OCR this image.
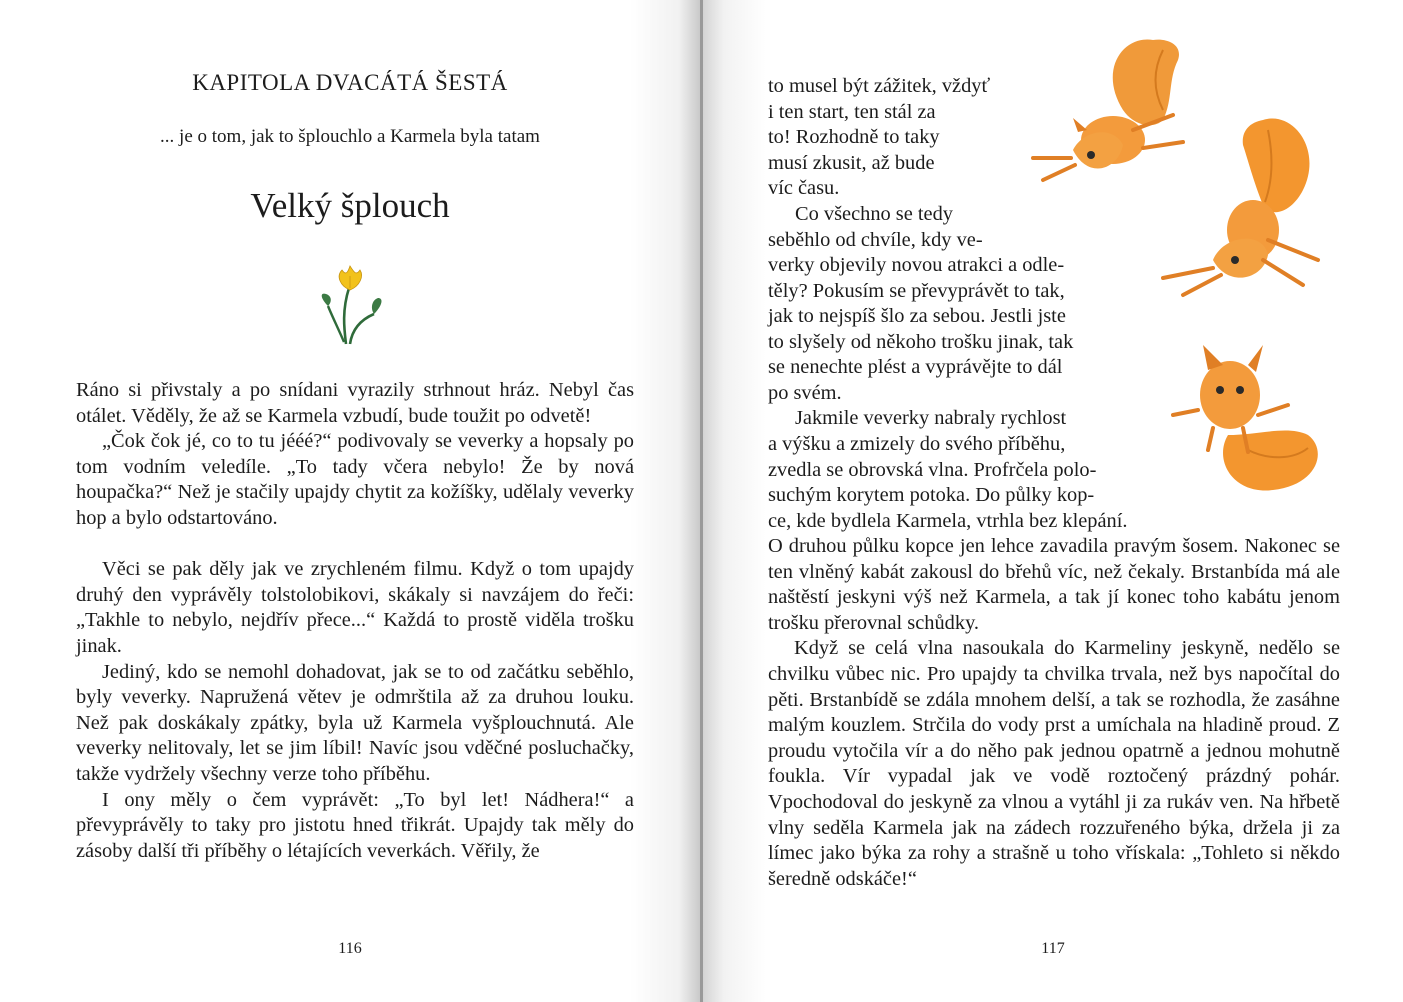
KAPITOLA DVACÁTÁ ŠESTÁ
... je o tom, jak to šplouchlo a Karmela byla tatam
Velký šplouch

Ráno si přivstaly a po snídani vyrazily strhnout hráz. Nebyl čas otálet. Věděly, že až se Karmela vzbudí, bude toužit po odvetě!

„Čok čok jé, co to tu jééé?“ podivovaly se veverky a hopsaly po tom vodním veledíle. „To tady včera nebylo! Že by nová houpačka?“ Než je stačily upajdy chytit za kožíšky, udělaly veverky hop a bylo odstartováno.

Věci se pak děly jak ve zrychleném filmu. Když o tom upajdy druhý den vyprávěly tolstolobikovi, skákaly si navzájem do řeči: „Takhle to nebylo, nejdřív přece...“ Každá to prostě viděla trošku jinak.

Jediný, kdo se nemohl dohadovat, jak se to od začátku seběhlo, byly veverky. Napružená větev je odmrštila až za druhou louku. Než pak doskákaly zpátky, byla už Karmela vyšplouchnutá. Ale veverky nelitovaly, let se jim líbil! Navíc jsou vděčné posluchačky, takže vydržely všechny verze toho příběhu.

I ony měly o čem vyprávět: „To byl let! Nádhera!“ a převyprávěly to taky pro jistotu hned třikrát. Upajdy tak měly do zásoby další tři příběhy o létajících veverkách. Věřily, že

116
to musel být zážitek, vždyť
i ten start, ten stál za
to! Rozhodně to taky
musí zkusit, až bude
víc času.
Co všechno se tedy
seběhlo od chvíle, kdy ve-
verky objevily novou atrakci a odle-
těly? Pokusím se převyprávět to tak,
jak to nejspíš šlo za sebou. Jestli jste
to slyšely od někoho trošku jinak, tak
se nenechte plést a vyprávějte to dál
po svém.
Jakmile veverky nabraly rychlost
a výšku a zmizely do svého příběhu,
zvedla se obrovská vlna. Profrčela polo-
suchým korytem potoka. Do půlky kop-
ce, kde bydlela Karmela, vtrhla bez klepání.

O druhou půlku kopce jen lehce zavadila pravým šosem. Nakonec se ten vlněný kabát zakousl do břehů víc, než čekaly. Brstanbída má ale naštěstí jeskyni výš než Karmela, a tak jí konec toho kabátu jenom trošku přerovnal schůdky.

Když se celá vlna nasoukala do Karmeliny jeskyně, nedělo se chvilku vůbec nic. Pro upajdy ta chvilka trvala, než bys napočítal do pěti. Brstanbídě se zdála mnohem delší, a tak se rozhodla, že zasáhne malým kouzlem. Strčila do vody prst a umíchala na hladině proud. Z proudu vytočila vír a do něho pak jednou opatrně a jednou mohutně foukla. Vír vypadal jak ve vodě roztočený prázdný pohár. Vpochodoval do jeskyně za vlnou a vytáhl ji za rukáv ven. Na hřbetě vlny seděla Karmela jak na zádech rozzuřeného býka, držela ji za límec jako býka za rohy a strašně u toho vřískala: „Tohleto si někdo šeredně odskáče!“

117
